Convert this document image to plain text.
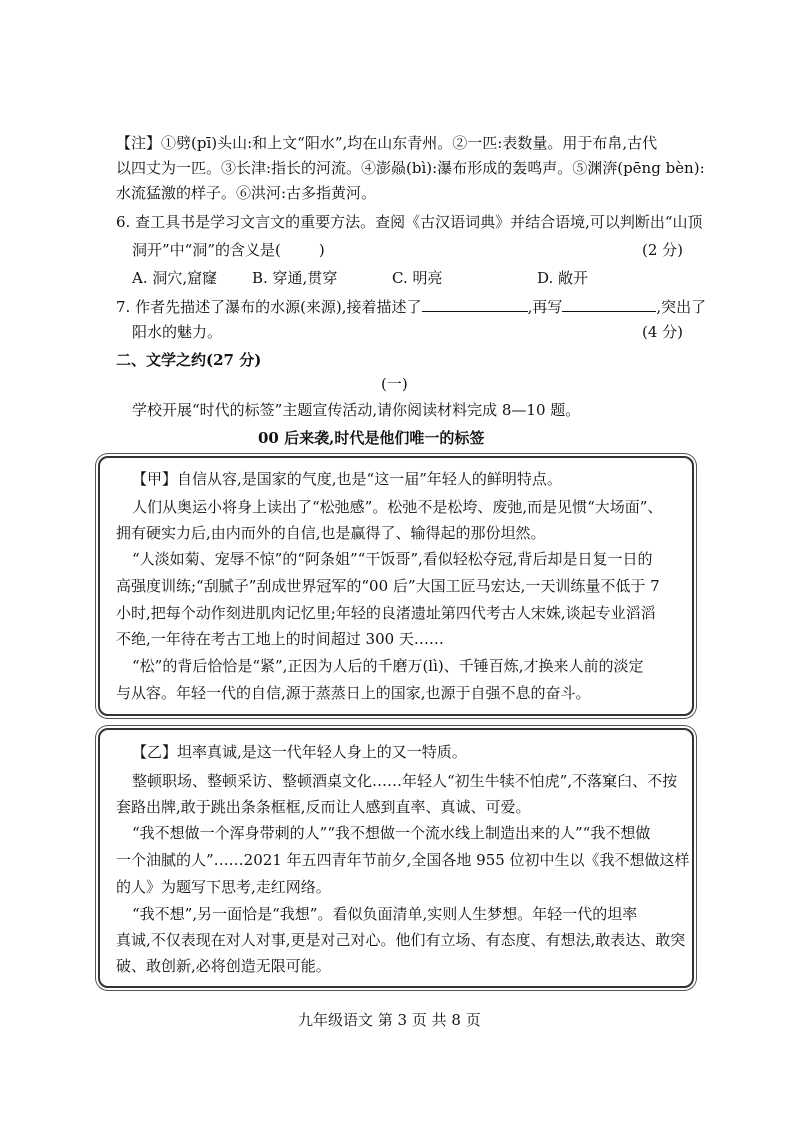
【注】①劈(pī)头山:和上文“阳水”,均在山东青州。②一匹:表数量。用于布帛,古代
以四丈为一匹。③长津:指长的河流。④澎赑(bì):瀑布形成的轰鸣声。⑤渊渀(pēng bèn):
水流猛激的样子。⑥洪河:古多指黄河。
6. 查工具书是学习文言文的重要方法。查阅《古汉语词典》并结合语境,可以判断出“山顶
洞开”中“洞”的含义是(	)	(2 分)
A. 洞穴,窟窿 B. 穿通,贯穿	C. 明亮	D. 敞开
7. 作者先描述了瀑布的水源(来源),接着描述了	,再写	,突出了
阳水的魅力。	(4 分)
二、文学之约(27 分)
(一)
学校开展“时代的标签”主题宣传活动,请你阅读材料完成 8—10 题。
00 后来袭,时代是他们唯一的标签
【甲】自信从容,是国家的气度,也是“这一届”年轻人的鲜明特点。
人们从奥运小将身上读出了“松弛感”。松弛不是松垮、废弛,而是见惯“大场面”、
拥有硬实力后,由内而外的自信,也是赢得了、输得起的那份坦然。
“人淡如菊、宠辱不惊”的“阿条姐”“干饭哥”,看似轻松夺冠,背后却是日复一日的
高强度训练;“刮腻子”刮成世界冠军的“00 后”大国工匠马宏达,一天训练量不低于 7
小时,把每个动作刻进肌肉记忆里;年轻的良渚遗址第四代考古人宋姝,谈起专业滔滔
不绝,一年待在考古工地上的时间超过 300 天……
“松”的背后恰恰是“紧”,正因为人后的千磨万(lì)、千锤百炼,才换来人前的淡定
与从容。年轻一代的自信,源于蒸蒸日上的国家,也源于自强不息的奋斗。
【乙】坦率真诚,是这一代年轻人身上的又一特质。
整顿职场、整顿采访、整顿酒桌文化……年轻人“初生牛犊不怕虎”,不落窠臼、不按
套路出牌,敢于跳出条条框框,反而让人感到直率、真诚、可爱。
“我不想做一个浑身带刺的人”“我不想做一个流水线上制造出来的人”“我不想做
一个油腻的人”……2021 年五四青年节前夕,全国各地 955 位初中生以《我不想做这样
的人》为题写下思考,走红网络。
“我不想”,另一面恰是“我想”。看似负面清单,实则人生梦想。年轻一代的坦率
真诚,不仅表现在对人对事,更是对己对心。他们有立场、有态度、有想法,敢表达、敢突
破、敢创新,必将创造无限可能。
九年级语文 第 3 页 共 8 页
